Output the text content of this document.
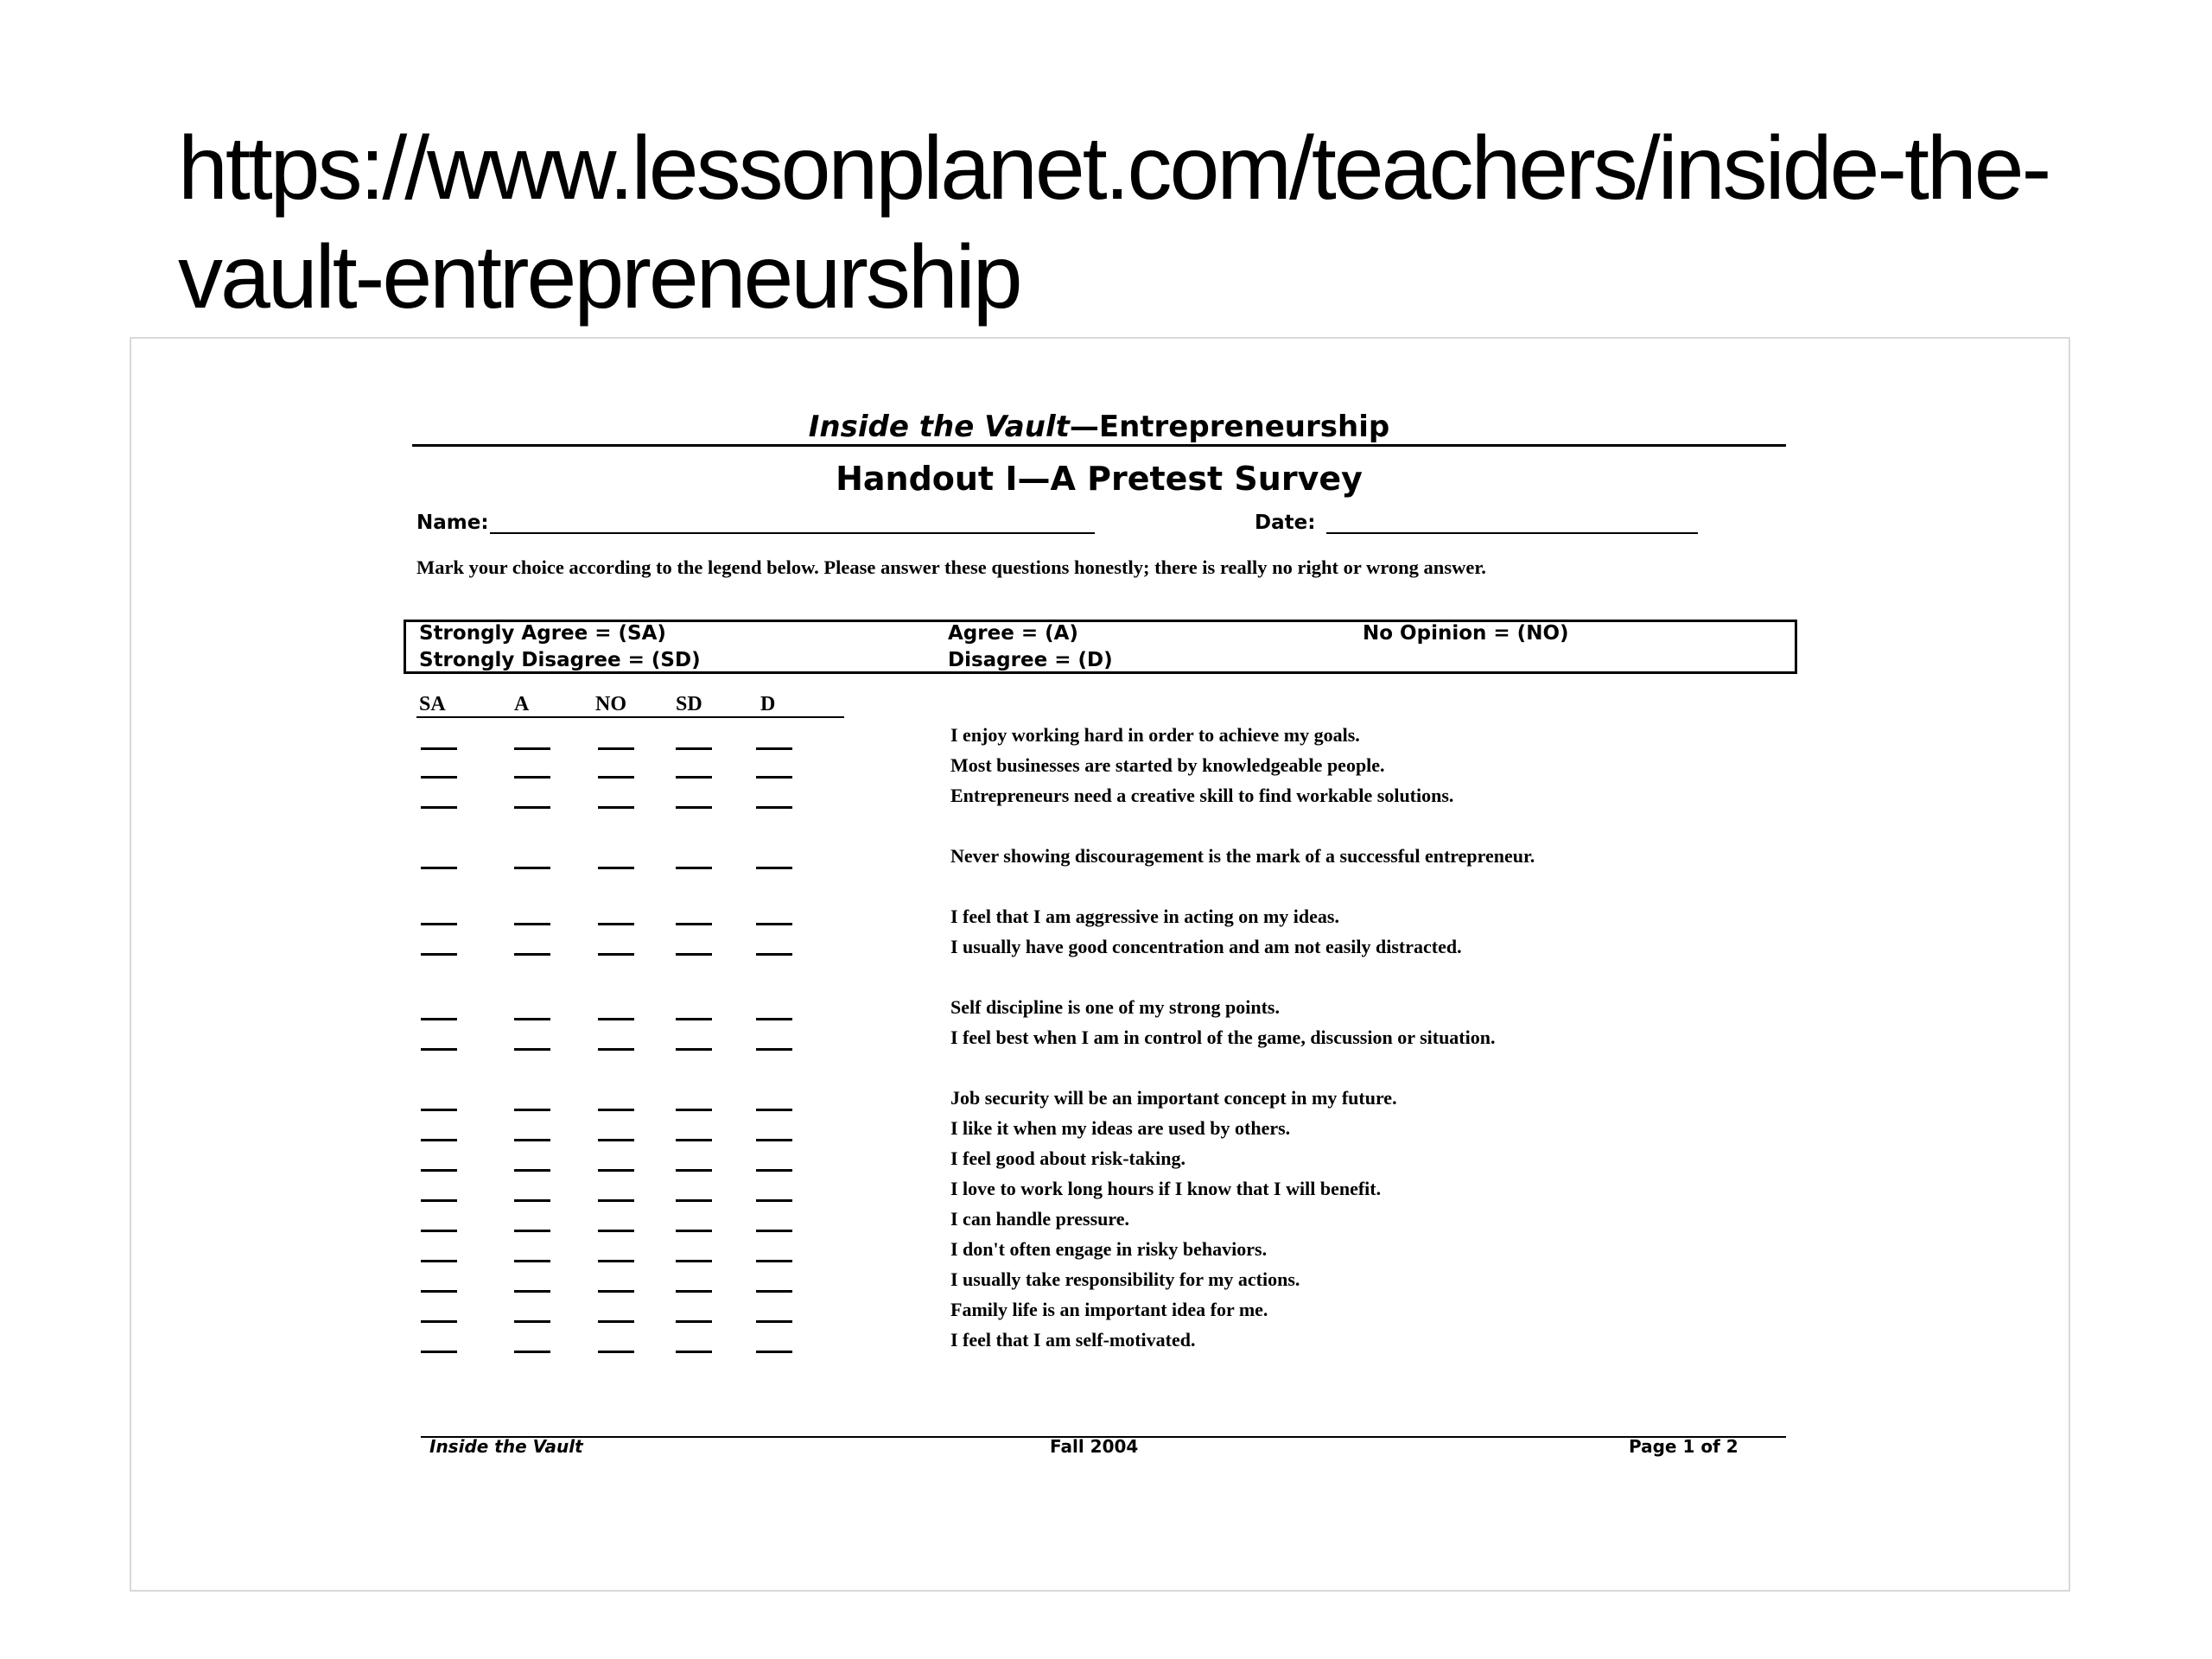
https://www.lessonplanet.com/teachers/inside-the-vault-entrepreneurship
Inside the Vault—Entrepreneurship
Handout I—A Pretest Survey
Name:	Date:

Mark your choice according to the legend below. Please answer these questions honestly; there is really no right or wrong answer.

Strongly Agree = (SA)	Agree = (A)	No Opinion = (NO)
Strongly Disagree = (SD)	Disagree = (D)
SA	A	NO SD	D
I enjoy working hard in order to achieve my goals.
Most businesses are started by knowledgeable people.
Entrepreneurs need a creative skill to find workable solutions.
Never showing discouragement is the mark of a successful entrepreneur.
I feel that I am aggressive in acting on my ideas.
I usually have good concentration and am not easily distracted.
Self discipline is one of my strong points.
I feel best when I am in control of the game, discussion or situation.
Job security will be an important concept in my future.
I like it when my ideas are used by others.
I feel good about risk-taking.
I love to work long hours if I know that I will benefit.
I can handle pressure.
I don't often engage in risky behaviors.
I usually take responsibility for my actions.
Family life is an important idea for me.
I feel that I am self-motivated.
Inside the Vault	Fall 2004	Page 1 of 2
